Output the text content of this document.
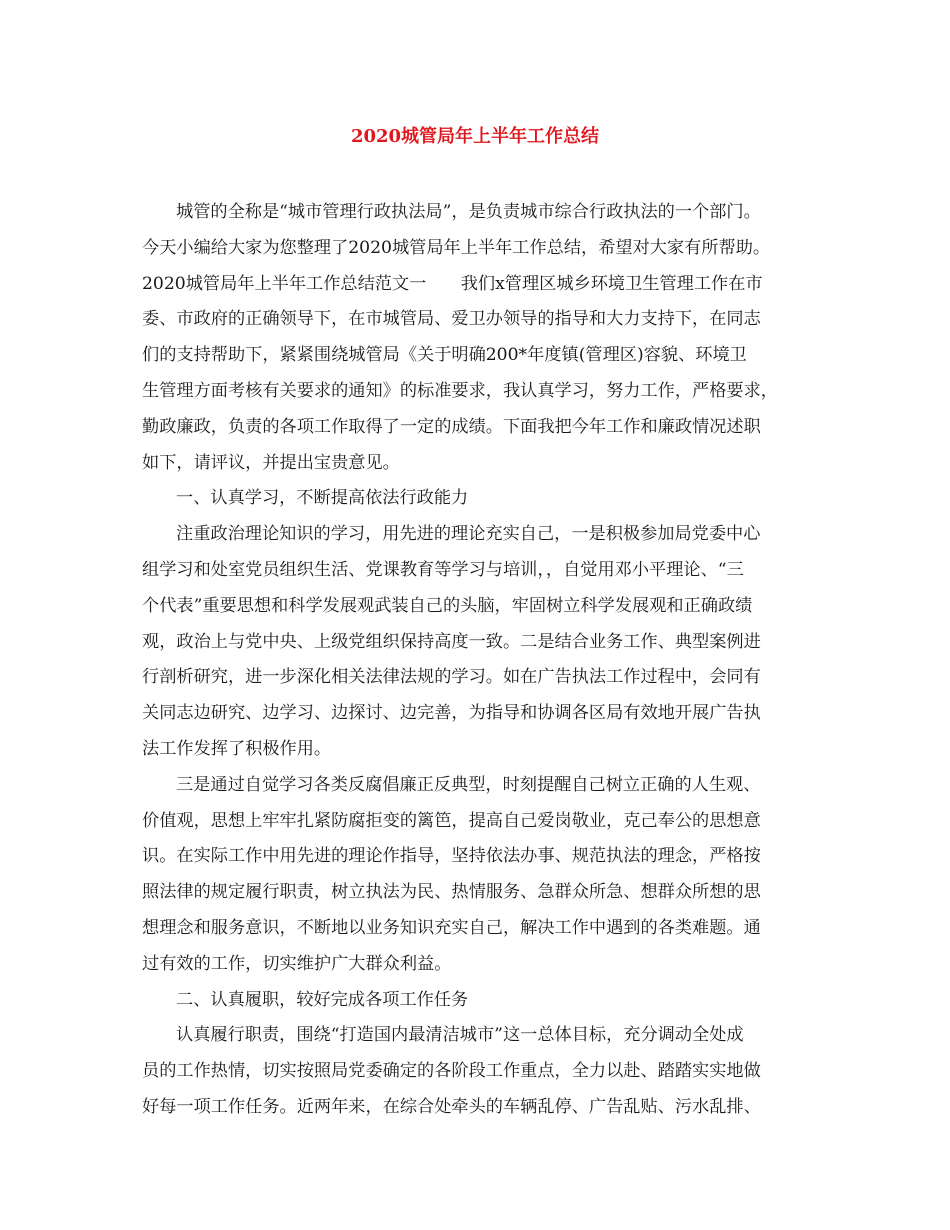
2020城管局年上半年工作总结
城管的全称是“城市管理行政执法局”，是负责城市综合行政执法的一个部门。
今天小编给大家为您整理了2020城管局年上半年工作总结，希望对大家有所帮助。
2020城管局年上半年工作总结范文一　　我们x管理区城乡环境卫生管理工作在市
委、市政府的正确领导下，在市城管局、爱卫办领导的指导和大力支持下，在同志
们的支持帮助下，紧紧围绕城管局《关于明确200*年度镇(管理区)容貌、环境卫
生管理方面考核有关要求的通知》的标准要求，我认真学习，努力工作，严格要求，
勤政廉政，负责的各项工作取得了一定的成绩。下面我把今年工作和廉政情况述职
如下，请评议，并提出宝贵意见。
一、认真学习，不断提高依法行政能力
注重政治理论知识的学习，用先进的理论充实自己，一是积极参加局党委中心
组学习和处室党员组织生活、党课教育等学习与培训，，自觉用邓小平理论、“三
个代表”重要思想和科学发展观武装自己的头脑，牢固树立科学发展观和正确政绩
观，政治上与党中央、上级党组织保持高度一致。二是结合业务工作、典型案例进
行剖析研究，进一步深化相关法律法规的学习。如在广告执法工作过程中，会同有
关同志边研究、边学习、边探讨、边完善，为指导和协调各区局有效地开展广告执
法工作发挥了积极作用。
三是通过自觉学习各类反腐倡廉正反典型，时刻提醒自己树立正确的人生观、
价值观，思想上牢牢扎紧防腐拒变的篱笆，提高自己爱岗敬业，克己奉公的思想意
识。在实际工作中用先进的理论作指导，坚持依法办事、规范执法的理念，严格按
照法律的规定履行职责，树立执法为民、热情服务、急群众所急、想群众所想的思
想理念和服务意识，不断地以业务知识充实自己，解决工作中遇到的各类难题。通
过有效的工作，切实维护广大群众利益。
二、认真履职，较好完成各项工作任务
认真履行职责，围绕“打造国内最清洁城市”这一总体目标，充分调动全处成
员的工作热情，切实按照局党委确定的各阶段工作重点，全力以赴、踏踏实实地做
好每一项工作任务。近两年来，在综合处牵头的车辆乱停、广告乱贴、污水乱排、
